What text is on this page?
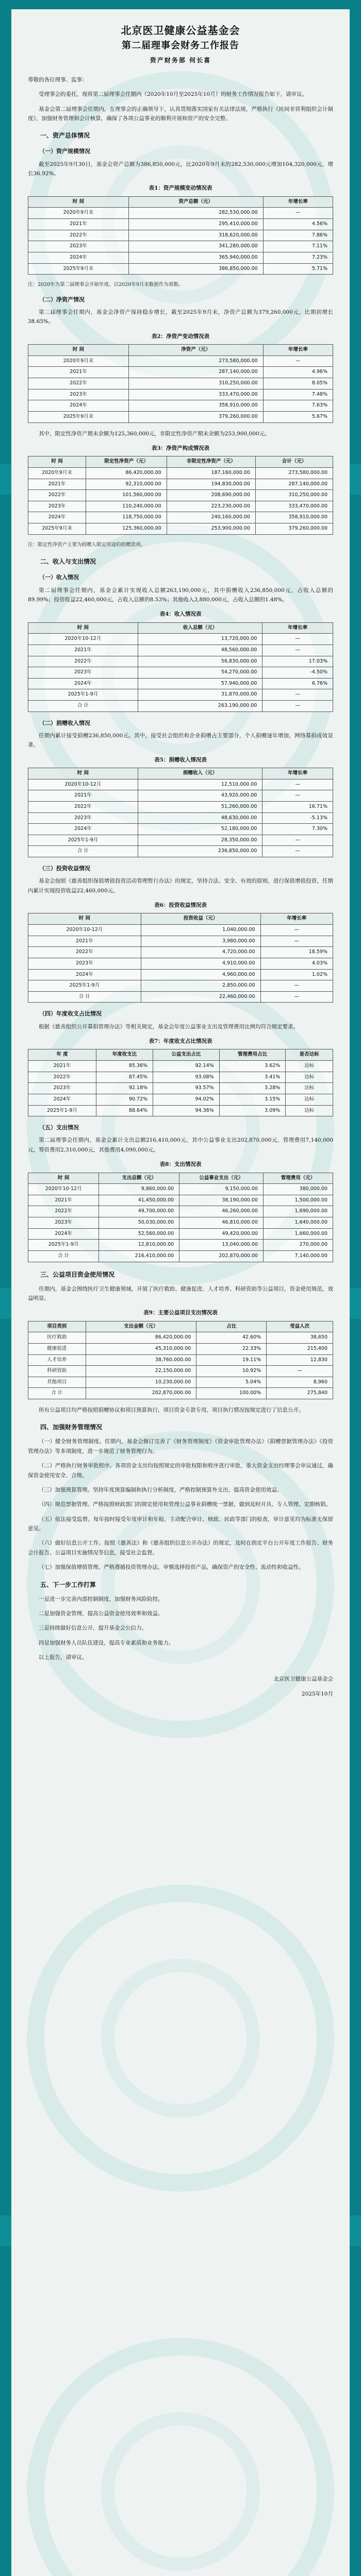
北京医卫健康公益基金会
第二届理事会财务工作报告
资产财务部 何长喜

尊敬的各位理事、监事：

受理事会的委托，现将第二届理事会任期内（2020年10月至2025年10月）的财务工作情况报告如下，请审议。

基金会第二届理事会任期内，在理事会的正确领导下，认真贯彻落实国家有关法律法规，严格执行《民间非营利组织会计制度》，加强财务管理和会计核算，确保了各项公益事业的顺利开展和资产的安全完整。

一、资产总体情况
（一）资产规模情况

截至2025年9月30日，基金会资产总额为386,850,000元，比2020年9月末的282,530,000元增加104,320,000元，增长36.92%。

表1：资产规模变动情况表
时 间	资产总额（元）	年增长率
2020年9月末	282,530,000.00	—
2021年	295,410,000.00	4.56%
2022年	318,620,000.00	7.86%
2023年	341,280,000.00	7.11%
2024年	365,940,000.00	7.23%
2025年9月末	386,850,000.00	5.71%

注：2020年为第二届理事会开始年度，以2020年9月末数据作为基数。

（二）净资产情况

第二届理事会任期内，基金会净资产保持稳步增长，截至2025年9月末，净资产总额为379,260,000元，比期初增长38.65%。

表2：净资产变动情况表
时 间	净资产（元）	年增长率
2020年9月末	273,580,000.00	—
2021年	287,140,000.00	4.96%
2022年	310,250,000.00	8.05%
2023年	333,470,000.00	7.48%
2024年	358,910,000.00	7.63%
2025年9月末	379,260,000.00	5.67%

其中，限定性净资产期末余额为125,360,000元，非限定性净资产期末余额为253,900,000元。

表3：净资产构成情况表
时 间	限定性净资产（元）	非限定性净资产（元）	合计（元）
2020年9月末	86,420,000.00	187,160,000.00	273,580,000.00
2021年	92,310,000.00	194,830,000.00	287,140,000.00
2022年	101,560,000.00	208,690,000.00	310,250,000.00
2023年	110,240,000.00	223,230,000.00	333,470,000.00
2024年	118,750,000.00	240,160,000.00	358,910,000.00
2025年9月末	125,360,000.00	253,900,000.00	379,260,000.00

注：限定性净资产主要为捐赠人限定用途的捐赠款项。

二、收入与支出情况
（一）收入情况

第二届理事会任期内，基金会累计实现收入总额263,190,000元，其中捐赠收入236,850,000元，占收入总额的89.99%；投资收益22,460,000元，占收入总额的8.53%；其他收入3,880,000元，占收入总额的1.48%。

表4：收入情况表
时 间	收入总额（元）	年增长率
2020年10-12月	13,720,000.00	—
2021年	48,560,000.00	—
2022年	56,830,000.00	17.03%
2023年	54,270,000.00	-4.50%
2024年	57,940,000.00	6.76%
2025年1-9月	31,870,000.00	—
合 计	263,190,000.00	—
（二）捐赠收入情况

任期内累计接受捐赠236,850,000元。其中，接受社会组织和企业捐赠占主要部分，个人捐赠逐年增加，网络募捐成效显著。

表5：捐赠收入情况表
时 间	捐赠收入（元）	年增长率
2020年10-12月	12,510,000.00	—
2021年	43,920,000.00	—
2022年	51,260,000.00	16.71%
2023年	48,630,000.00	-5.13%
2024年	52,180,000.00	7.30%
2025年1-9月	28,350,000.00	—
合 计	236,850,000.00	—
（三）投资收益情况

基金会按照《慈善组织保值增值投资活动管理暂行办法》的规定，坚持合法、安全、有效的原则，进行保值增值投资，任期内累计实现投资收益22,460,000元。

表6：投资收益情况表
时 间	投资收益（元）	年增长率
2020年10-12月	1,040,000.00	—
2021年	3,980,000.00	—
2022年	4,720,000.00	18.59%
2023年	4,910,000.00	4.03%
2024年	4,960,000.00	1.02%
2025年1-9月	2,850,000.00	—
合 计	22,460,000.00	—
（四）年度收支占比情况

根据《慈善组织公开募捐管理办法》等相关规定，基金会年度公益事业支出及管理费用比例均符合规定要求。

表7：年度收支占比情况表
年 度	年度收支比	公益支出占比	管理费用占比	是否达标
2021年	85.36%	92.14%	3.62%	达标
2022年	87.45%	93.08%	3.41%	达标
2023年	92.18%	93.57%	3.28%	达标
2024年	90.72%	94.02%	3.15%	达标
2025年1-9月	88.64%	94.36%	3.09%	达标
（五）支出情况

第二届理事会任期内，基金会累计支出总额216,410,000元，其中公益事业支出202,870,000元，管理费用7,140,000元，筹资费用2,310,000元，其他费用4,090,000元。

表8：支出情况表
时 间	支出总额（元）	公益事业支出（元）	管理费用（元）
2020年10-12月	9,860,000.00	9,150,000.00	380,000.00
2021年	41,450,000.00	38,190,000.00	1,500,000.00
2022年	49,700,000.00	46,260,000.00	1,690,000.00
2023年	50,030,000.00	46,810,000.00	1,640,000.00
2024年	52,560,000.00	49,420,000.00	1,660,000.00
2025年1-9月	12,810,000.00	13,040,000.00	270,000.00
合 计	216,410,000.00	202,870,000.00	7,140,000.00
三、公益项目资金使用情况

任期内，基金会围绕医疗卫生健康领域，开展了医疗救助、健康促进、人才培养、科研资助等公益项目，资金使用规范，效益明显。

表9：主要公益项目支出情况表
项目类别	支出金额（元）	占比	受益人次
医疗救助	86,420,000.00	42.60%	38,650
健康促进	45,310,000.00	22.33%	215,400
人才培养	38,760,000.00	19.11%	12,830
科研资助	22,150,000.00	10.92%	—
其他项目	10,230,000.00	5.04%	8,960
合 计	202,870,000.00	100.00%	275,840

所有公益项目均严格按照捐赠协议和项目预算执行，项目资金专款专用，项目执行情况按规定进行了信息公开。

四、加强财务管理情况

（一）健全财务管理制度。任期内，基金会修订完善了《财务管理制度》《资金审批管理办法》《捐赠票据管理办法》《投资管理办法》等多项制度，进一步规范了财务管理行为。

（二）严格执行财务审批程序。各项资金支出均按照规定的审批权限和程序进行审批，重大资金支出经理事会审议通过，确保资金使用安全、合规。

（三）加强预算管理。坚持年度预算编制和执行分析制度，严格控制预算外支出，提高资金使用效益。

（四）规范票据管理。严格按照财政部门的规定使用和管理公益事业捐赠统一票据，做到及时开具、专人管理、定期核销。

（五）依法接受监督。每年按时接受年度审计和年检，主动配合审计、财政、民政等部门的检查，审计意见均为标准无保留意见。

（六）做好信息公开工作。按照《慈善法》和《慈善组织信息公开办法》的规定，及时在指定平台公开年度工作报告、财务会计报告、公益项目实施情况等信息，接受社会监督。

（七）加强保值增值管理。严格遵循投资管理办法，审慎选择投资产品，确保资产的安全性、流动性和收益性。

五、下一步工作打算

一是进一步完善内部控制制度，加强财务风险防控。

二是加强资金管理，提高公益资金使用效率和效益。

三是持续做好信息公开，提升基金会公信力。

四是加强财务人员队伍建设，提高专业素质和业务能力。

以上报告，请审议。

北京医卫健康公益基金会

2025年10月
